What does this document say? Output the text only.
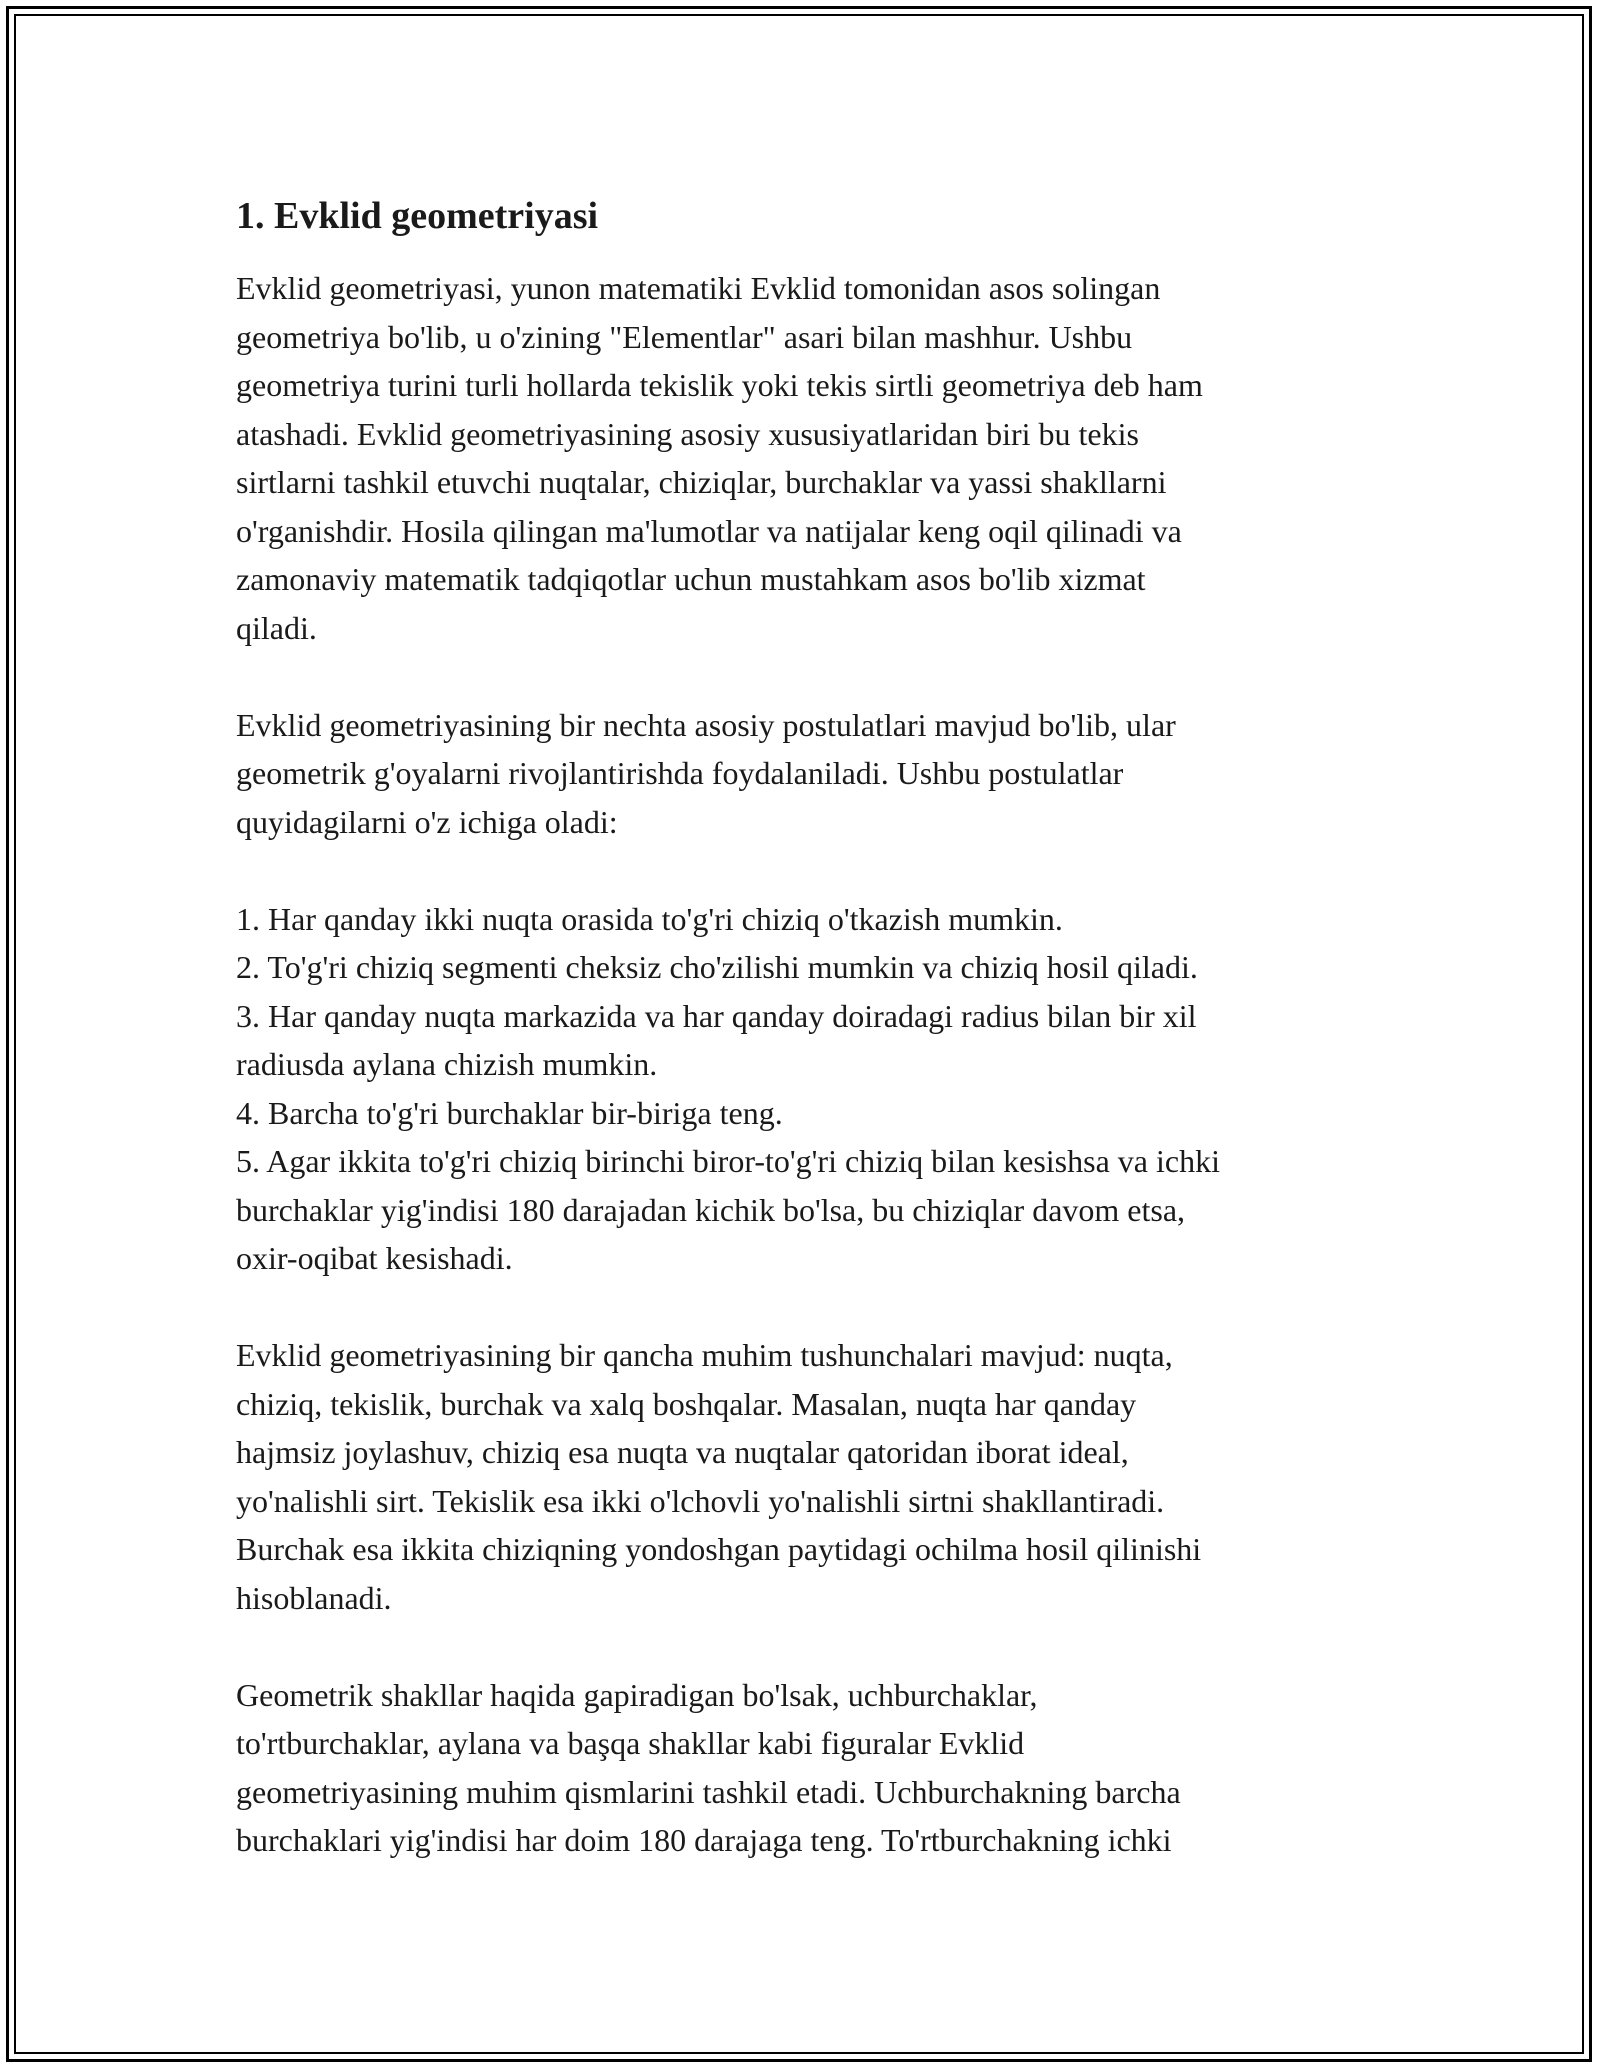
1. Evklid geometriyasi

Evklid geometriyasi, yunon matematiki Evklid tomonidan asos solingan
geometriya bo'lib, u o'zining "Elementlar" asari bilan mashhur. Ushbu
geometriya turini turli hollarda tekislik yoki tekis sirtli geometriya deb ham
atashadi. Evklid geometriyasining asosiy xususiyatlaridan biri bu tekis
sirtlarni tashkil etuvchi nuqtalar, chiziqlar, burchaklar va yassi shakllarni
o'rganishdir. Hosila qilingan ma'lumotlar va natijalar keng oqil qilinadi va
zamonaviy matematik tadqiqotlar uchun mustahkam asos bo'lib xizmat
qiladi.

Evklid geometriyasining bir nechta asosiy postulatlari mavjud bo'lib, ular
geometrik g'oyalarni rivojlantirishda foydalaniladi. Ushbu postulatlar
quyidagilarni o'z ichiga oladi:

1. Har qanday ikki nuqta orasida to'g'ri chiziq o'tkazish mumkin.
2. To'g'ri chiziq segmenti cheksiz cho'zilishi mumkin va chiziq hosil qiladi.
3. Har qanday nuqta markazida va har qanday doiradagi radius bilan bir xil
radiusda aylana chizish mumkin.
4. Barcha to'g'ri burchaklar bir-biriga teng.
5. Agar ikkita to'g'ri chiziq birinchi biror-to'g'ri chiziq bilan kesishsa va ichki
burchaklar yig'indisi 180 darajadan kichik bo'lsa, bu chiziqlar davom etsa,
oxir-oqibat kesishadi.

Evklid geometriyasining bir qancha muhim tushunchalari mavjud: nuqta,
chiziq, tekislik, burchak va xalq boshqalar. Masalan, nuqta har qanday
hajmsiz joylashuv, chiziq esa nuqta va nuqtalar qatoridan iborat ideal,
yo'nalishli sirt. Tekislik esa ikki o'lchovli yo'nalishli sirtni shakllantiradi.
Burchak esa ikkita chiziqning yondoshgan paytidagi ochilma hosil qilinishi
hisoblanadi.

Geometrik shakllar haqida gapiradigan bo'lsak, uchburchaklar,
to'rtburchaklar, aylana va başqa shakllar kabi figuralar Evklid
geometriyasining muhim qismlarini tashkil etadi. Uchburchakning barcha
burchaklari yig'indisi har doim 180 darajaga teng. To'rtburchakning ichki
